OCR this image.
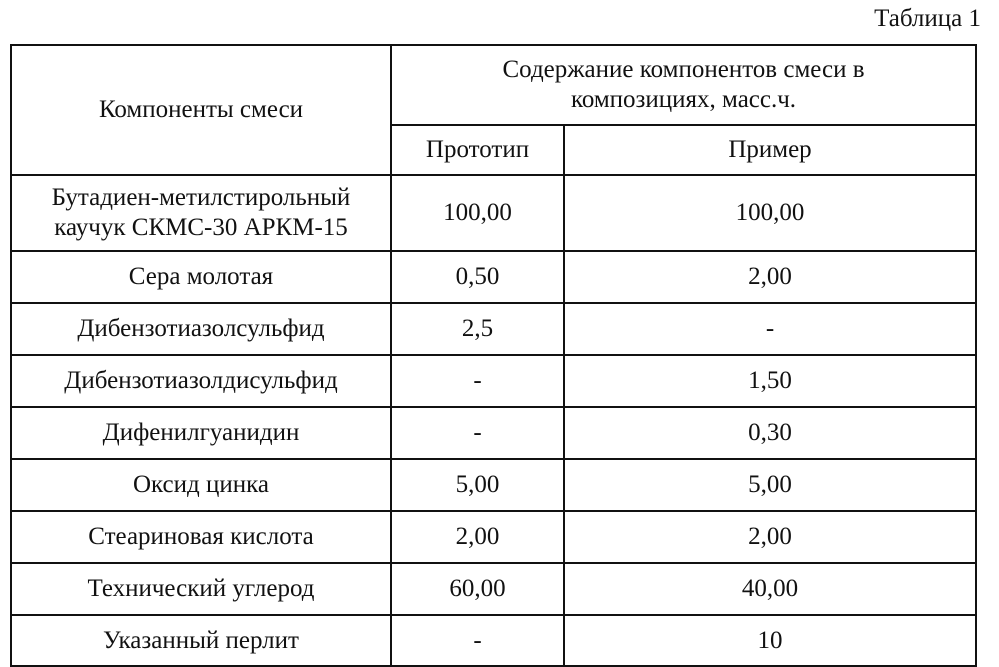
Таблица 1
Компоненты смеси	Содержание компонентов смеси в
композициях, масс.ч.	
	Прототип	Пример
Бутадиен-метилстирольный
каучук СКМС-30 АРКМ-15	100,00	100,00
Сера молотая	0,50	2,00
Дибензотиазолсульфид	2,5	-
Дибензотиазолдисульфид	-	1,50
Дифенилгуанидин	-	0,30
Оксид цинка	5,00	5,00
Стеариновая кислота	2,00	2,00
Технический углерод	60,00	40,00
Указанный перлит	-	10
